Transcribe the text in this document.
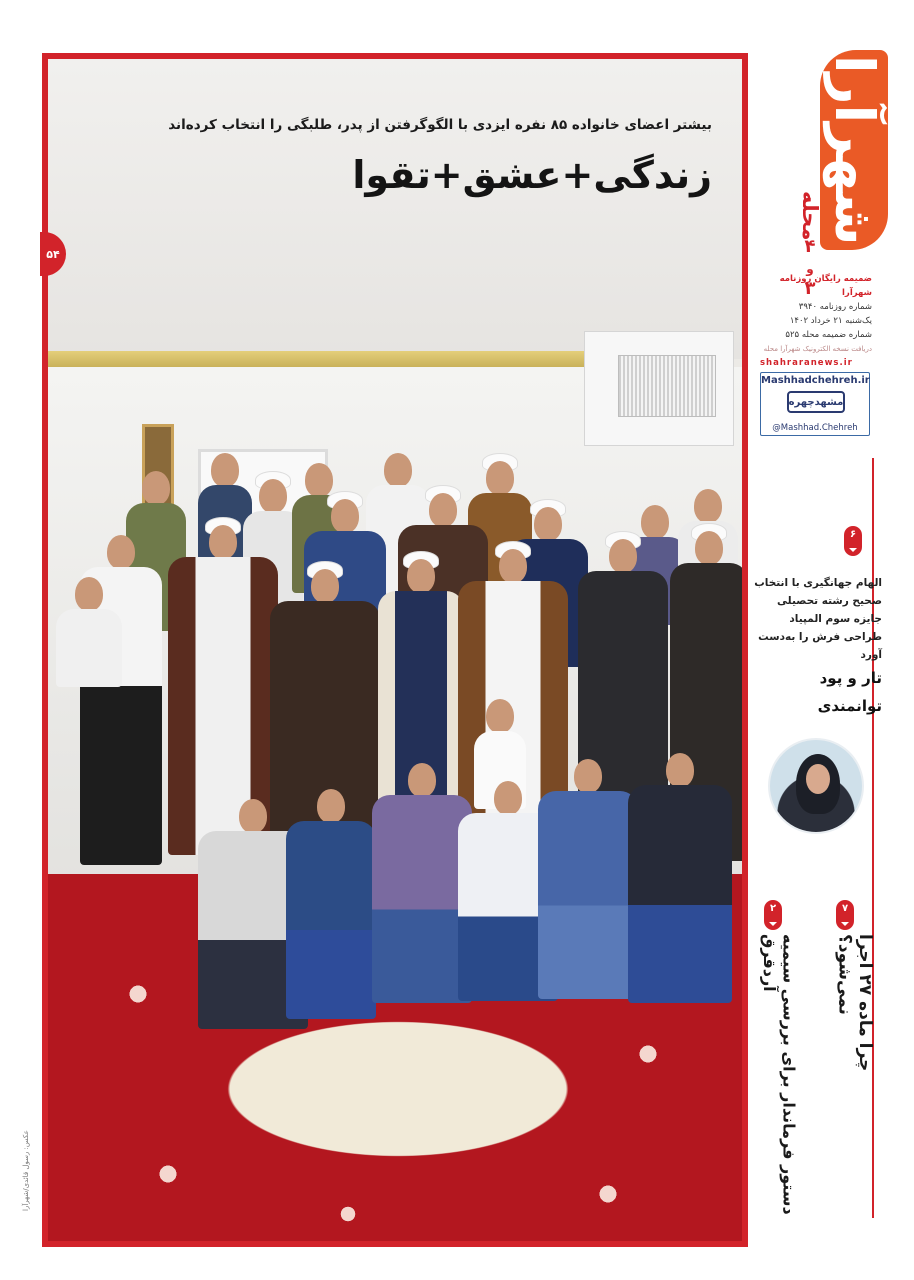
بیشتر اعضای خانواده ۸۵ نفره ایزدی با الگوگرفتن از پدر، طلبگی را انتخاب کرده‌اند
زندگی+عشق+تقوا
۵۴
عکس: رسول قائدی/شهرآرا
شهرآرا
محله
۴
و
۳
ضمیمه رایگان روزنامه شهرآرا
شماره روزنامه ۳۹۴۰
یک‌شنبه ۲۱ خرداد ۱۴۰۲
شماره ضمیمه محله ۵۲۵
دریافت نسخه الکترونیک شهرآرا محله
shahraranews.ir
Mashhadchehreh.ir
مشهدچهره
@Mashhad.Chehreh
۶
الهام جهانگیری با انتخاب صحیح رشته تحصیلی جایزه سوم المپیاد طراحی فرش را به‌دست آورد
تار و پود
توانمندی
۷
چرا ماده ۲۷ اجرا نمی‌شود؟
۲
دستور فرماندار برای بررسی سیمیه آردقرق
